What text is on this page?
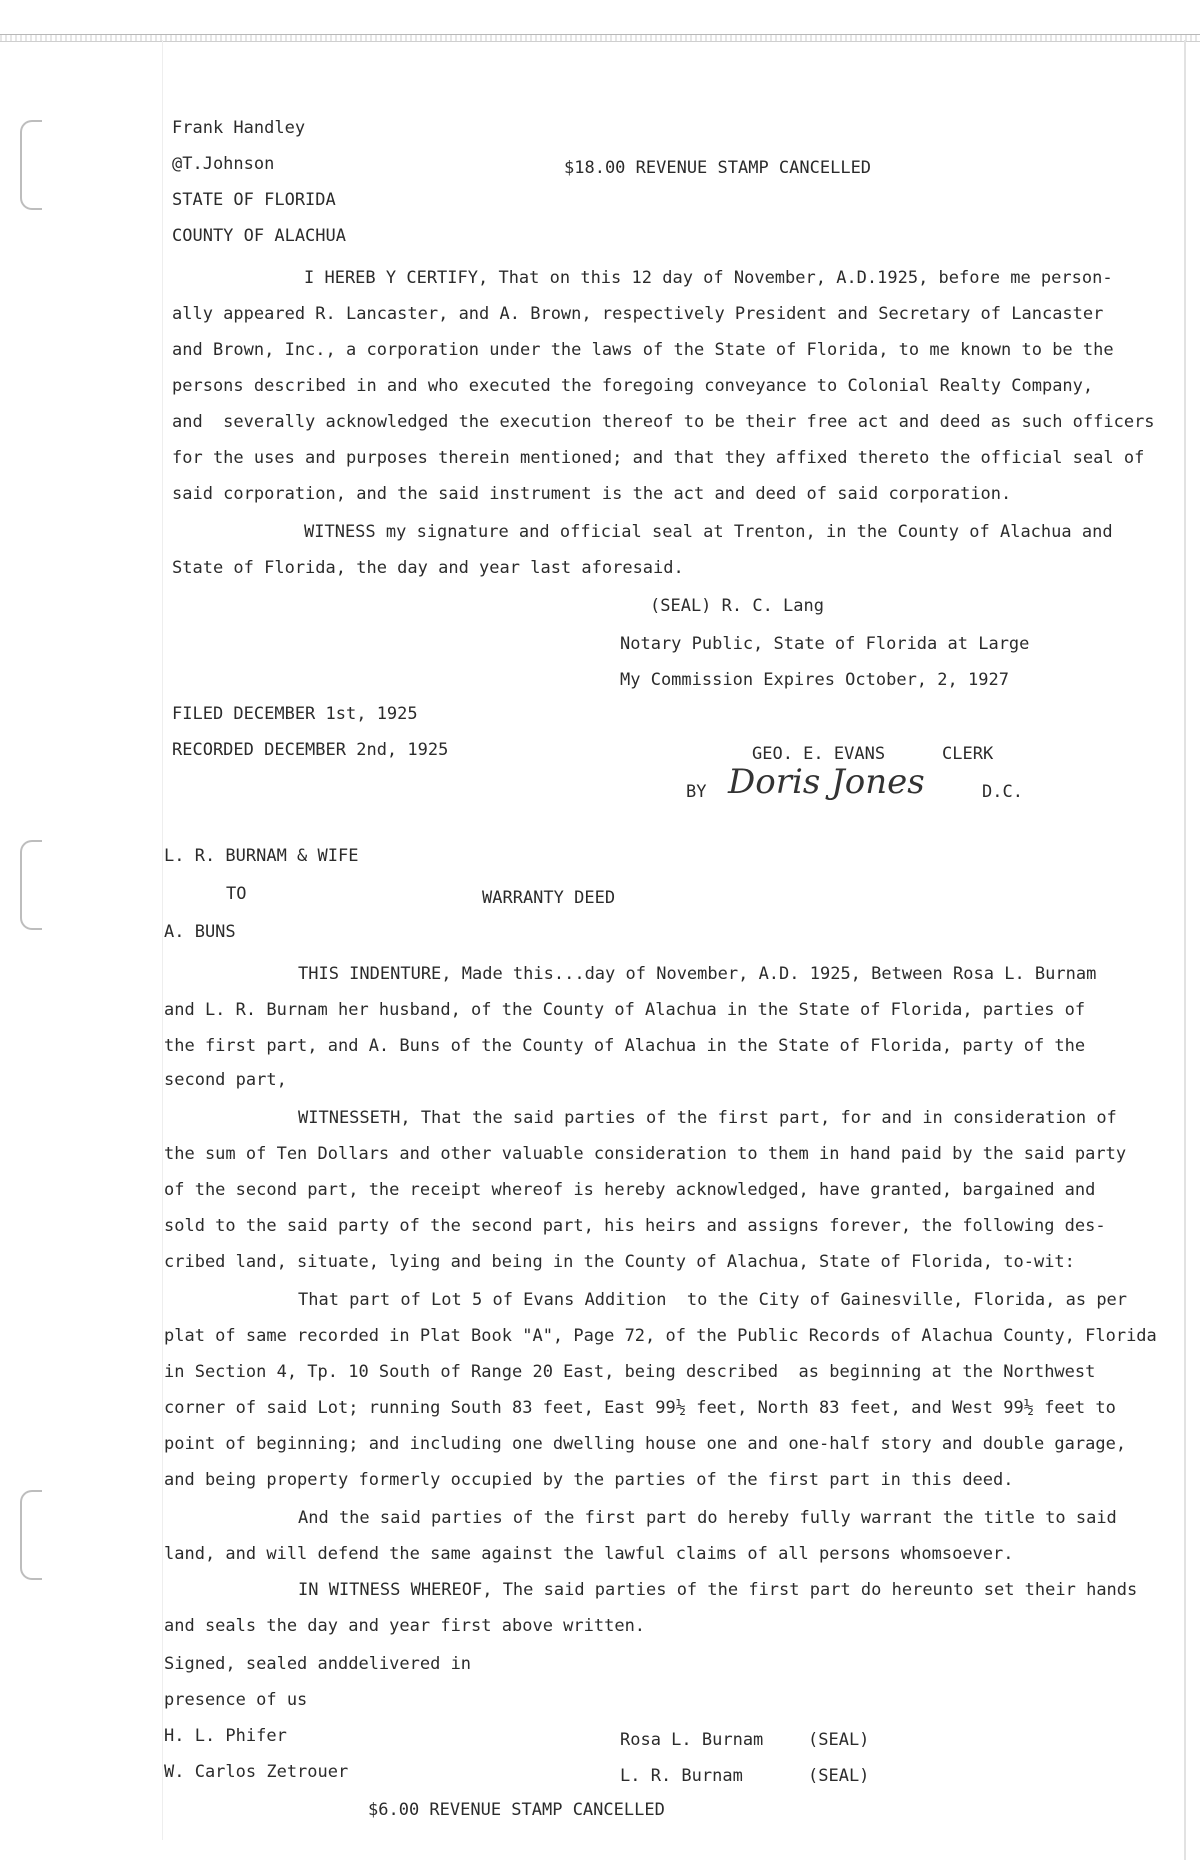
Frank Handley
@T.Johnson	$18.00 REVENUE STAMP CANCELLED
STATE OF FLORIDA
COUNTY OF ALACHUA
I HEREB Y CERTIFY, That on this 12 day of November, A.D.1925, before me person-
ally appeared R. Lancaster, and A. Brown, respectively President and Secretary of Lancaster
and Brown, Inc., a corporation under the laws of the State of Florida, to me known to be the
persons described in and who executed the foregoing conveyance to Colonial Realty Company,
and  severally acknowledged the execution thereof to be their free act and deed as such officers
for the uses and purposes therein mentioned; and that they affixed thereto the official seal of
said corporation, and the said instrument is the act and deed of said corporation.
WITNESS my signature and official seal at Trenton, in the County of Alachua and
State of Florida, the day and year last aforesaid.
(SEAL) R. C. Lang
Notary Public, State of Florida at Large
My Commission Expires October, 2, 1927
FILED DECEMBER 1st, 1925
RECORDED DECEMBER 2nd, 1925	GEO. E. EVANS	CLERK
BY Doris Jones	D.C.
L. R. BURNAM & WIFE
TO	WARRANTY DEED
A. BUNS
THIS INDENTURE, Made this...day of November, A.D. 1925, Between Rosa L. Burnam
and L. R. Burnam her husband, of the County of Alachua in the State of Florida, parties of
the first part, and A. Buns of the County of Alachua in the State of Florida, party of the
second part,
WITNESSETH, That the said parties of the first part, for and in consideration of
the sum of Ten Dollars and other valuable consideration to them in hand paid by the said party
of the second part, the receipt whereof is hereby acknowledged, have granted, bargained and
sold to the said party of the second part, his heirs and assigns forever, the following des-
cribed land, situate, lying and being in the County of Alachua, State of Florida, to-wit:
That part of Lot 5 of Evans Addition  to the City of Gainesville, Florida, as per
plat of same recorded in Plat Book "A", Page 72, of the Public Records of Alachua County, Florida
in Section 4, Tp. 10 South of Range 20 East, being described  as beginning at the Northwest
corner of said Lot; running South 83 feet, East 99½ feet, North 83 feet, and West 99½ feet to
point of beginning; and including one dwelling house one and one-half story and double garage,
and being property formerly occupied by the parties of the first part in this deed.
And the said parties of the first part do hereby fully warrant the title to said
land, and will defend the same against the lawful claims of all persons whomsoever.
IN WITNESS WHEREOF, The said parties of the first part do hereunto set their hands
and seals the day and year first above written.
Signed, sealed anddelivered in
presence of us
H. L. Phifer	Rosa L. Burnam	(SEAL)
W. Carlos Zetrouer	L. R. Burnam	(SEAL)
$6.00 REVENUE STAMP CANCELLED
